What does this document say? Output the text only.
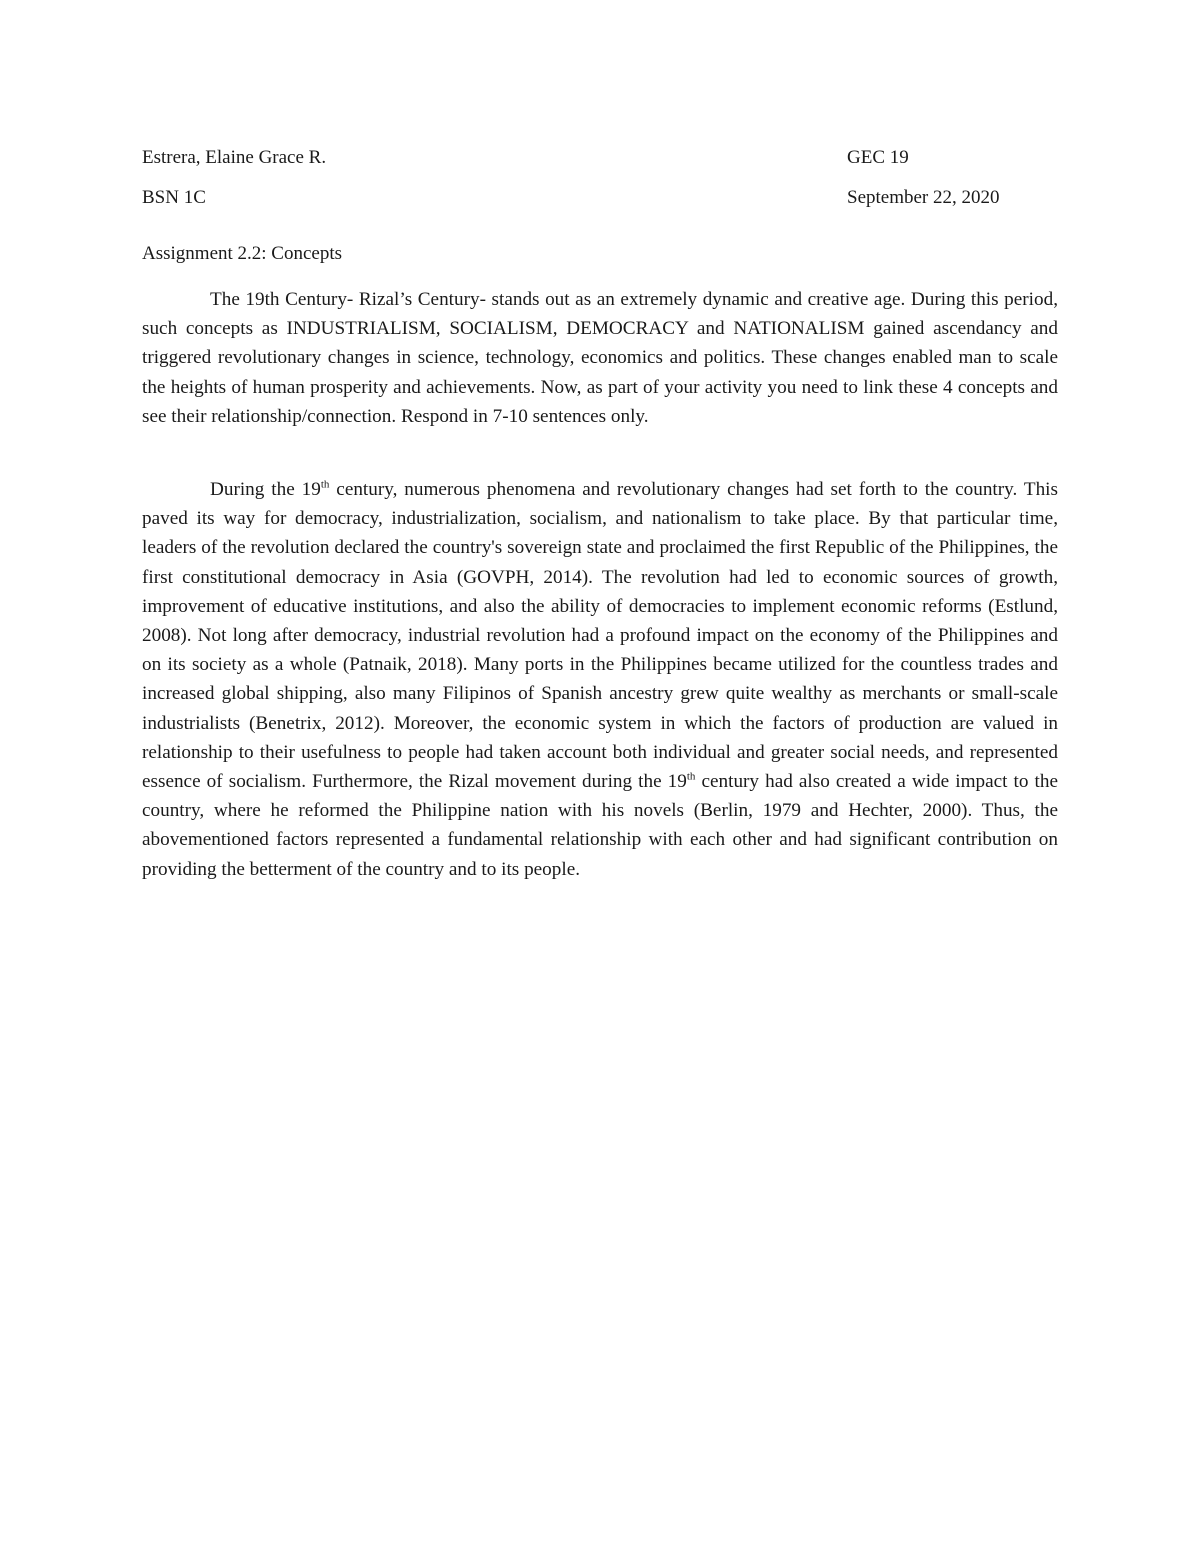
Estrera, Elaine Grace R.	GEC 19
BSN 1C	September 22, 2020
Assignment 2.2: Concepts

The 19th Century- Rizal’s Century- stands out as an extremely dynamic and creative age. During this period, such concepts as INDUSTRIALISM, SOCIALISM, DEMOCRACY and NATIONALISM gained ascendancy and triggered revolutionary changes in science, technology, economics and politics. These changes enabled man to scale the heights of human prosperity and achievements. Now, as part of your activity you need to link these 4 concepts and see their relationship/connection. Respond in 7-10 sentences only.

During the 19th century, numerous phenomena and revolutionary changes had set forth to the country. This paved its way for democracy, industrialization, socialism, and nationalism to take place. By that particular time, leaders of the revolution declared the country's sovereign state and proclaimed the first Republic of the Philippines, the first constitutional democracy in Asia (GOVPH, 2014). The revolution had led to economic sources of growth, improvement of educative institutions, and also the ability of democracies to implement economic reforms (Estlund, 2008). Not long after democracy, industrial revolution had a profound impact on the economy of the Philippines and on its society as a whole (Patnaik, 2018). Many ports in the Philippines became utilized for the countless trades and increased global shipping, also many Filipinos of Spanish ancestry grew quite wealthy as merchants or small-scale industrialists (Benetrix, 2012). Moreover, the economic system in which the factors of production are valued in relationship to their usefulness to people had taken account both individual and greater social needs, and represented essence of socialism. Furthermore, the Rizal movement during the 19th century had also created a wide impact to the country, where he reformed the Philippine nation with his novels (Berlin, 1979 and Hechter, 2000). Thus, the abovementioned factors represented a fundamental relationship with each other and had significant contribution on providing the betterment of the country and to its people.
